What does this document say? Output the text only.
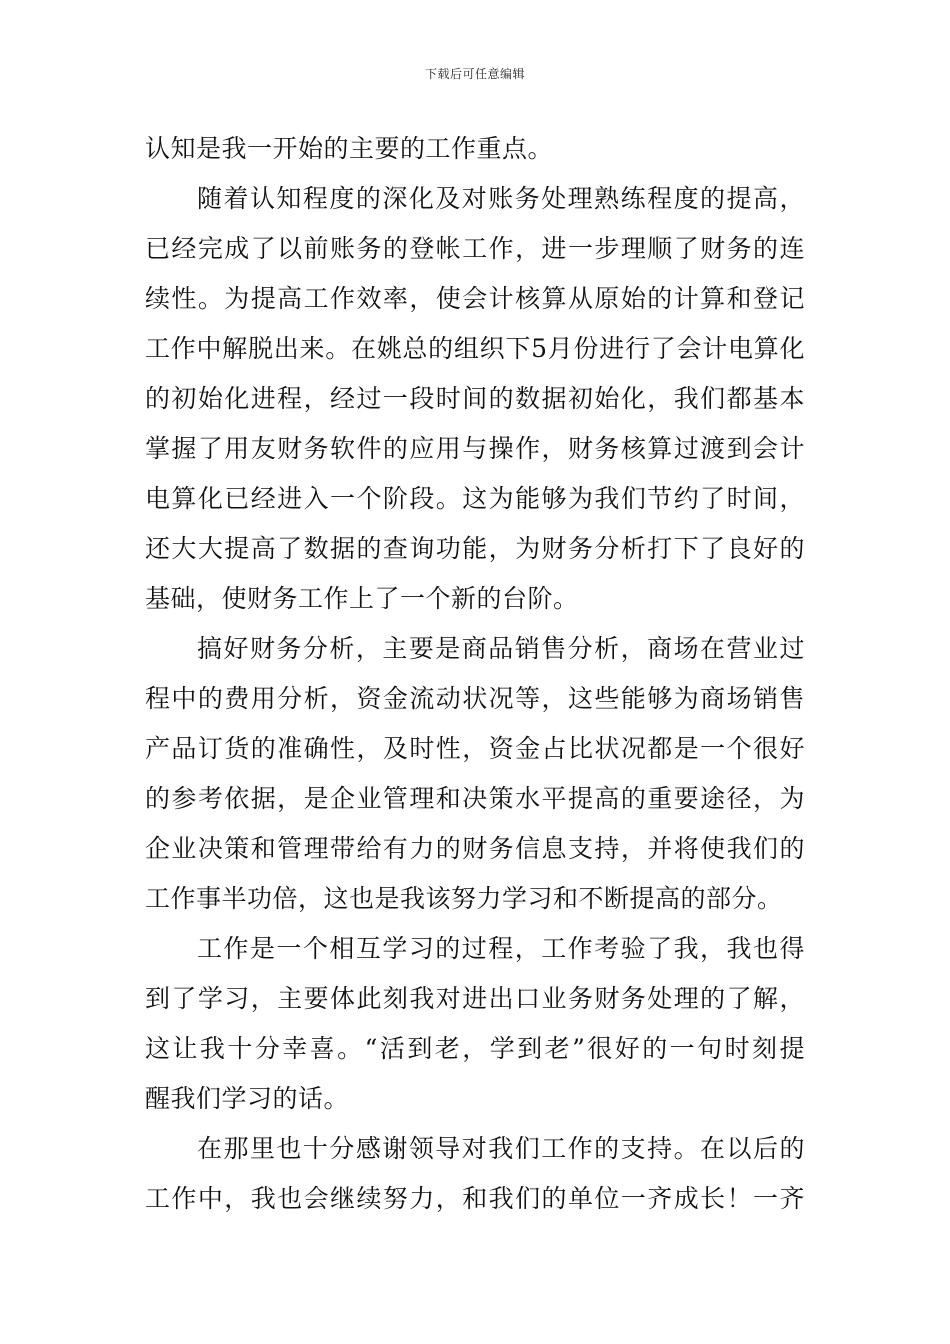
下载后可任意编辑
认知是我一开始的主要的工作重点。
随着认知程度的深化及对账务处理熟练程度的提高，
已经完成了以前账务的登帐工作，进一步理顺了财务的连
续性。为提高工作效率，使会计核算从原始的计算和登记
工作中解脱出来。在姚总的组织下5月份进行了会计电算化
的初始化进程，经过一段时间的数据初始化，我们都基本
掌握了用友财务软件的应用与操作，财务核算过渡到会计
电算化已经进入一个阶段。这为能够为我们节约了时间，
还大大提高了数据的查询功能，为财务分析打下了良好的
基础，使财务工作上了一个新的台阶。
搞好财务分析，主要是商品销售分析，商场在营业过
程中的费用分析，资金流动状况等，这些能够为商场销售
产品订货的准确性，及时性，资金占比状况都是一个很好
的参考依据，是企业管理和决策水平提高的重要途径，为
企业决策和管理带给有力的财务信息支持，并将使我们的
工作事半功倍，这也是我该努力学习和不断提高的部分。
工作是一个相互学习的过程，工作考验了我，我也得
到了学习，主要体此刻我对进出口业务财务处理的了解，
这让我十分幸喜。“活到老，学到老”很好的一句时刻提
醒我们学习的话。
在那里也十分感谢领导对我们工作的支持。在以后的
工作中，我也会继续努力，和我们的单位一齐成长！一齐
